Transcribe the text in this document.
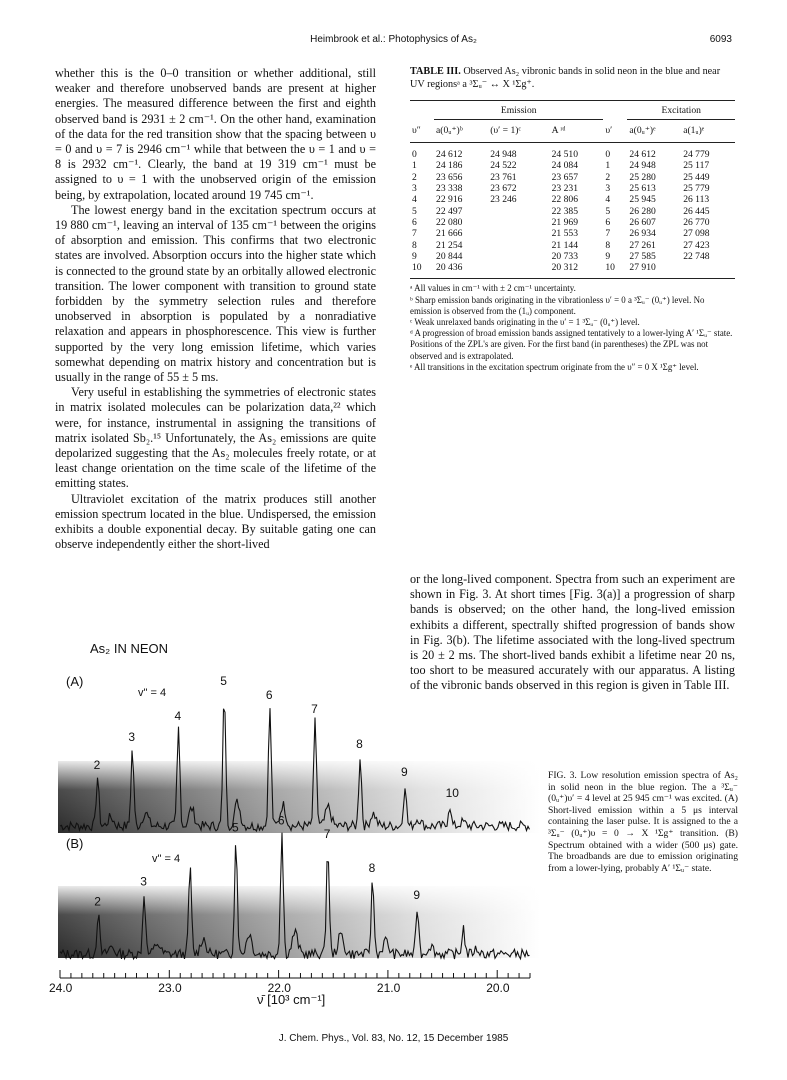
Heimbrook et al.: Photophysics of As₂	6093

whether this is the 0–0 transition or whether additional, still weaker and therefore unobserved bands are present at higher energies. The measured difference between the first and eighth observed band is 2931 ± 2 cm⁻¹. On the other hand, examination of the data for the red transition show that the spacing between υ = 0 and υ = 7 is 2946 cm⁻¹ while that between the υ = 1 and υ = 8 is 2932 cm⁻¹. Clearly, the band at 19 319 cm⁻¹ must be assigned to υ = 1 with the unobserved origin of the emission being, by extrapolation, located around 19 745 cm⁻¹.

The lowest energy band in the excitation spectrum occurs at 19 880 cm⁻¹, leaving an interval of 135 cm⁻¹ between the origins of absorption and emission. This confirms that two electronic states are involved. Absorption occurs into the higher state which is connected to the ground state by an orbitally allowed electronic transition. The lower component with transition to ground state forbidden by the symmetry selection rules and therefore unobserved in absorption is populated by a nonradiative relaxation and appears in phosphorescence. This view is further supported by the very long emission lifetime, which varies somewhat depending on matrix history and concentration but is usually in the range of 55 ± 5 ms.

Very useful in establishing the symmetries of electronic states in matrix isolated molecules can be polarization data,²² which were, for instance, instrumental in assigning the transitions of matrix isolated Sb₂.¹⁵ Unfortunately, the As₂ emissions are quite depolarized suggesting that the As₂ molecules freely rotate, or at least change orientation on the time scale of the lifetime of the emitting states.

Ultraviolet excitation of the matrix produces still another emission spectrum located in the blue. Undispersed, the emission exhibits a double exponential decay. By suitable gating one can observe independently either the short-lived

TABLE III. Observed As₂ vibronic bands in solid neon in the blue and near UV regionsᵃ a ³Σᵤ⁻ ↔ X ¹Σg⁺.
	Emission				Excitation	
υ″	a(0ᵤ⁺)ᵇ	(υ′ = 1)ᶜ	A ʳᵈ	υ′	a(0ᵤ⁺)ᵉ	a(1ᵤ)ᵉ
0	24 612	24 948	24 510	0	24 612	24 779
1	24 186	24 522	24 084	1	24 948	25 117
2	23 656	23 761	23 657	2	25 280	25 449
3	23 338	23 672	23 231	3	25 613	25 779
4	22 916	23 246	22 806	4	25 945	26 113
5	22 497		22 385	5	26 280	26 445
6	22 080		21 969	6	26 607	26 770
7	21 666		21 553	7	26 934	27 098
8	21 254		21 144	8	27 261	27 423
9	20 844		20 733	9	27 585	22 748
10	20 436		20 312	10	27 910	
ᵃ All values in cm⁻¹ with ± 2 cm⁻¹ uncertainty.
ᵇ Sharp emission bands originating in the vibrationless υ′ = 0 a ³Σᵤ⁻ (0ᵤ⁺) level. No emission is observed from the (1ᵤ) component.
ᶜ Weak unrelaxed bands originating in the υ′ = 1 ³Σᵤ⁻ (0ᵤ⁺) level.
ᵈ A progression of broad emission bands assigned tentatively to a lower-lying A′ ¹Σᵤ⁻ state. Positions of the ZPL's are given. For the first band (in parentheses) the ZPL was not observed and is extrapolated.
ᵉ All transitions in the excitation spectrum originate from the υ″ = 0 X ¹Σg⁺ level.

or the long-lived component. Spectra from such an experiment are shown in Fig. 3. At short times [Fig. 3(a)] a progression of sharp bands is observed; on the other hand, the long-lived emission exhibits a different, spectrally shifted progression of bands show in Fig. 3(b). The lifetime associated with the long-lived spectrum is 20 ± 2 ms. The short-lived bands exhibit a lifetime near 20 ns, too short to be measured accurately with our apparatus. A listing of the vibronic bands observed in this region is given in Table III.

As₂ IN NEON
(A)
(B)
v" = 4
v" = 4
2
3
4
5
6
7
8
9
10
2
3
5	6
7
8
9
24.0	23.0	22.0	21.0	20.0
ν̄ [10³ cm⁻¹]
FIG. 3. Low resolution emission spectra of As₂ in solid neon in the blue region. The a ³Σᵤ⁻ (0ᵤ⁺)υ′ = 4 level at 25 945 cm⁻¹ was excited. (A) Short-lived emission within a 5 μs interval containing the laser pulse. It is assigned to the a ³Σᵤ⁻ (0ᵤ⁺)υ = 0 → X ¹Σg⁺ transition. (B) Spectrum obtained with a wider (500 μs) gate. The broadbands are due to emission originating from a lower-lying, probably A′ ¹Σᵤ⁻ state.
J. Chem. Phys., Vol. 83, No. 12, 15 December 1985
